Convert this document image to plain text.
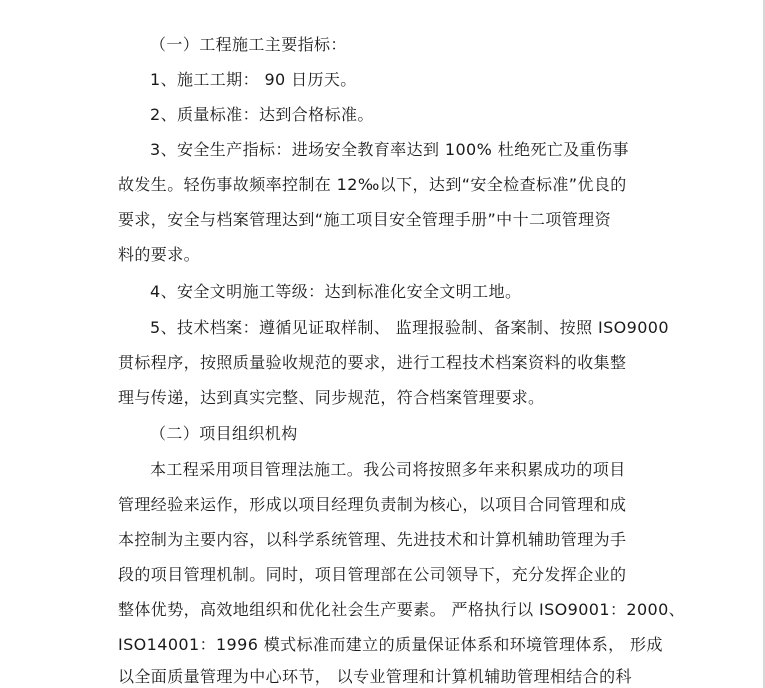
（一）工程施工主要指标：
1、施工工期： 90 日历天。
2、质量标准：达到合格标准。
3、安全生产指标：进场安全教育率达到 100% 杜绝死亡及重伤事
故发生。轻伤事故频率控制在 12‰以下，达到“安全检查标准”优良的
要求，安全与档案管理达到“施工项目安全管理手册”中十二项管理资
料的要求。
4、安全文明施工等级：达到标准化安全文明工地。
5、技术档案：遵循见证取样制、 监理报验制、备案制、按照 ISO9000
贯标程序，按照质量验收规范的要求，进行工程技术档案资料的收集整
理与传递，达到真实完整、同步规范，符合档案管理要求。
（二）项目组织机构
本工程采用项目管理法施工。我公司将按照多年来积累成功的项目
管理经验来运作，形成以项目经理负责制为核心，以项目合同管理和成
本控制为主要内容，以科学系统管理、先进技术和计算机辅助管理为手
段的项目管理机制。同时，项目管理部在公司领导下，充分发挥企业的
整体优势，高效地组织和优化社会生产要素。 严格执行以 ISO9001：2000、
ISO14001：1996 模式标准而建立的质量保证体系和环境管理体系， 形成
以全面质量管理为中心环节， 以专业管理和计算机辅助管理相结合的科
